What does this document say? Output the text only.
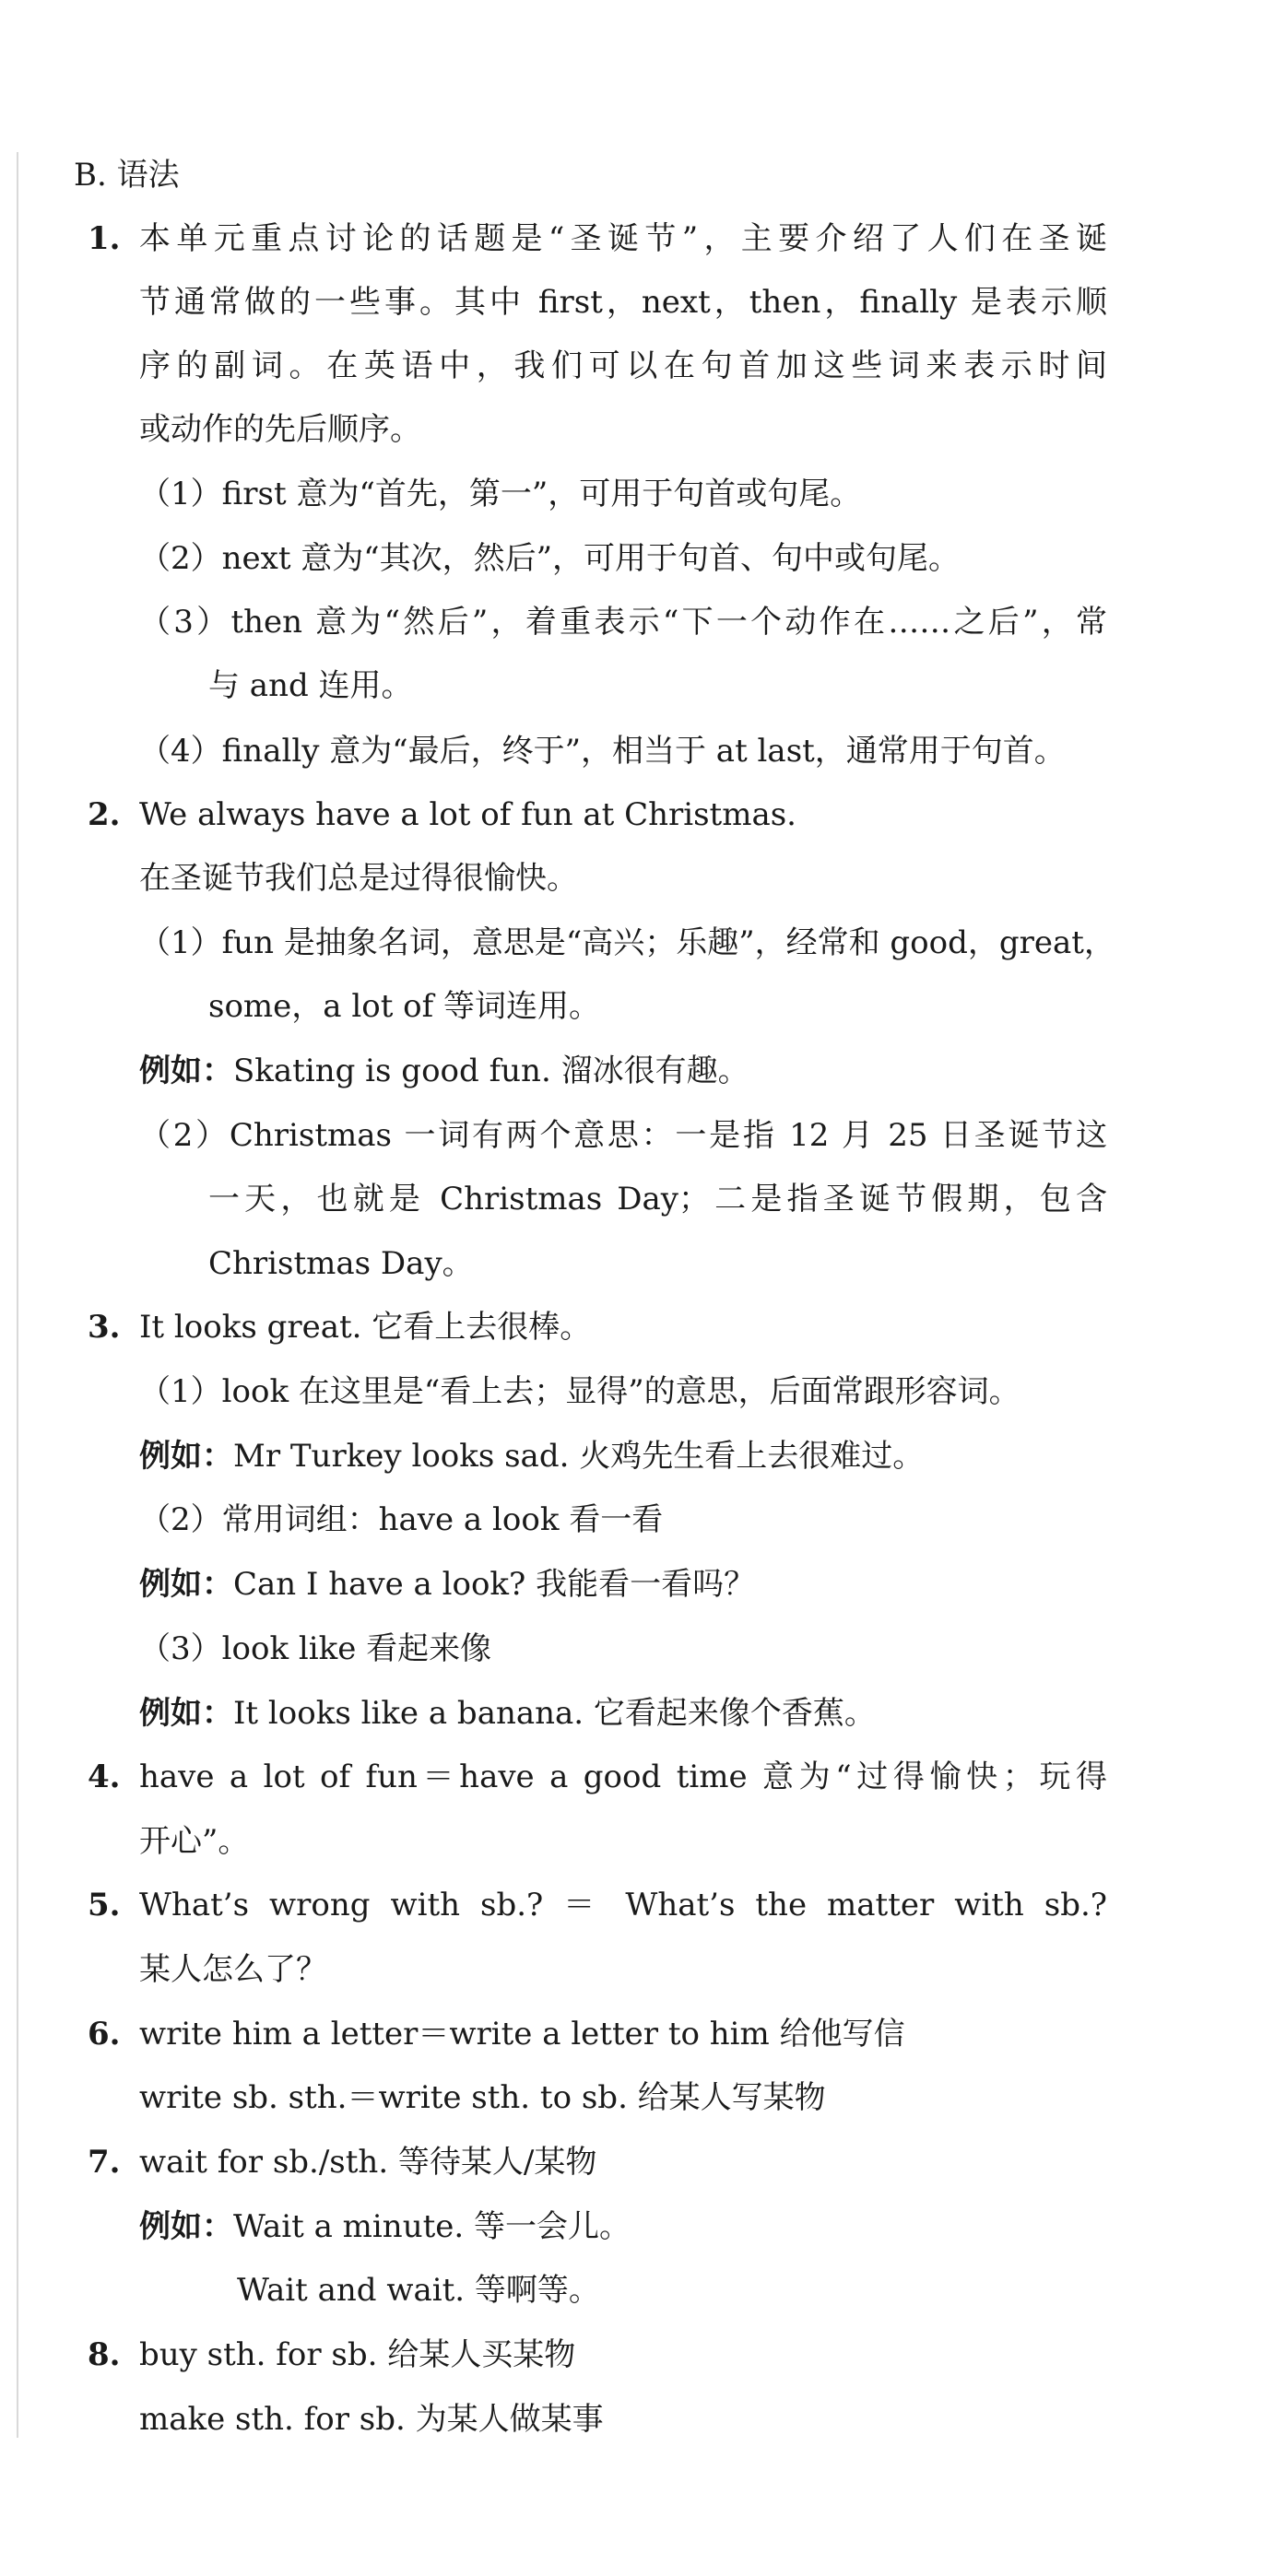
B. 语法
1. 本单元重点讨论的话题是“圣诞节”，主要介绍了人们在圣诞
节通常做的一些事。其中 first，next，then，finally 是表示顺
序的副词。在英语中，我们可以在句首加这些词来表示时间
或动作的先后顺序。
（1）first 意为“首先，第一”，可用于句首或句尾。
（2）next 意为“其次，然后”，可用于句首、句中或句尾。
（3）then 意为“然后”，着重表示“下一个动作在……之后”，常
与 and 连用。
（4）finally 意为“最后，终于”，相当于 at last，通常用于句首。
2. We always have a lot of fun at Christmas.
在圣诞节我们总是过得很愉快。
（1）fun 是抽象名词，意思是“高兴；乐趣”，经常和 good，great，
some，a lot of 等词连用。
例如：Skating is good fun. 溜冰很有趣。
（2）Christmas 一词有两个意思：一是指 12 月 25 日圣诞节这
一天，也就是 Christmas Day；二是指圣诞节假期，包含
Christmas Day。
3. It looks great. 它看上去很棒。
（1）look 在这里是“看上去；显得”的意思，后面常跟形容词。
例如：Mr Turkey looks sad. 火鸡先生看上去很难过。
（2）常用词组：have a look 看一看
例如：Can I have a look? 我能看一看吗？
（3）look like 看起来像
例如：It looks like a banana. 它看起来像个香蕉。
4. have a lot of fun＝have a good time 意为“过得愉快；玩得
开心”。
5. What’s wrong with sb.? ＝ What’s the matter with sb.?
某人怎么了？
6. write him a letter＝write a letter to him 给他写信
write sb. sth.＝write sth. to sb. 给某人写某物
7. wait for sb./sth. 等待某人/某物
例如：Wait a minute. 等一会儿。
Wait and wait. 等啊等。
8. buy sth. for sb. 给某人买某物
make sth. for sb. 为某人做某事
